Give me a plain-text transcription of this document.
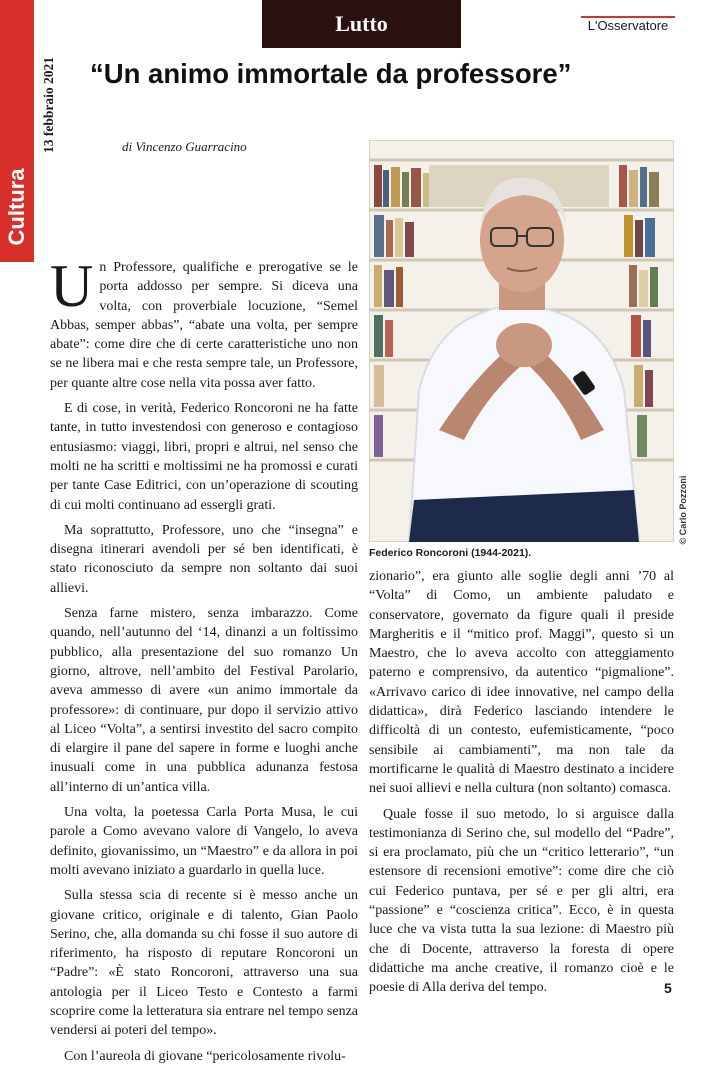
Cultura
13 febbraio 2021
Lutto	L'Osservatore
“Un animo immortale da professore”
di Vincenzo Guarracino
© Carlo Pozzoni
Federico Roncoroni (1944-2021).

Un Professore, qualifiche e prerogative se le porta addosso per sempre. Si diceva una volta, con proverbiale locuzione, “Semel Abbas, semper abbas”, “abate una volta, per sempre abate”: come dire che di certe caratteristiche uno non se ne libera mai e che resta sempre tale, un Professore, per quante altre cose nella vita possa aver fatto.

E di cose, in verità, Federico Roncoroni ne ha fatte tante, in tutto investendosi con generoso e contagioso entusiasmo: viaggi, libri, propri e altrui, nel senso che molti ne ha scritti e moltissimi ne ha promossi e curati per tante Case Editrici, con un’operazione di scouting di cui molti continuano ad essergli grati.

Ma soprattutto, Professore, uno che “insegna” e disegna itinerari avendoli per sé ben identificati, è stato riconosciuto da sempre non soltanto dai suoi allievi.

Senza farne mistero, senza imbarazzo. Come quando, nell’autunno del ‘14, dinanzi a un foltissimo pubblico, alla presentazione del suo romanzo Un giorno, altrove, nell’ambito del Festival Parolario, aveva ammesso di avere «un animo immortale da professore»: di continuare, pur dopo il servizio attivo al Liceo “Volta”, a sentirsi investito del sacro compito di elargire il pane del sapere in forme e luoghi anche inusuali come in una pubblica adunanza festosa all’interno di un’antica villa.

Una volta, la poetessa Carla Porta Musa, le cui parole a Como avevano valore di Vangelo, lo aveva definito, giovanissimo, un “Maestro” e da allora in poi molti avevano iniziato a guardarlo in quella luce.

Sulla stessa scia di recente si è messo anche un giovane critico, originale e di talento, Gian Paolo Serino, che, alla domanda su chi fosse il suo autore di riferimento, ha risposto di reputare Roncoroni un “Padre”: «È stato Roncoroni, attraverso una sua antologia per il Liceo Testo e Contesto a farmi scoprire come la letteratura sia entrare nel tempo senza vendersi ai poteri del tempo».

Con l’aureola di giovane “pericolosamente rivolu-

zionario”, era giunto alle soglie degli anni ’70 al “Volta” di Como, un ambiente paludato e conservatore, governato da figure quali il preside Margheritis e il “mitico prof. Maggi”, questo sì un Maestro, che lo aveva accolto con atteggiamento paterno e comprensivo, da autentico “pigmalione”. «Arrivavo carico di idee innovative, nel campo della didattica», dirà Federico lasciando intendere le difficoltà di un contesto, eufemisticamente, “poco sensibile ai cambiamenti”, ma non tale da mortificarne le qualità di Maestro destinato a incidere nei suoi allievi e nella cultura (non soltanto) comasca.

Quale fosse il suo metodo, lo si arguisce dalla testimonianza di Serino che, sul modello del “Padre”, si era proclamato, più che un “critico letterario”, “un estensore di recensioni emotive”: come dire che ciò cui Federico puntava, per sé e per gli altri, era “passione” e “coscienza critica”. Ecco, è in questa luce che va vista tutta la sua lezione: di Maestro più che di Docente, attraverso la foresta di opere didattiche ma anche creative, il romanzo cioè e le poesie di Alla deriva del tempo.	5
